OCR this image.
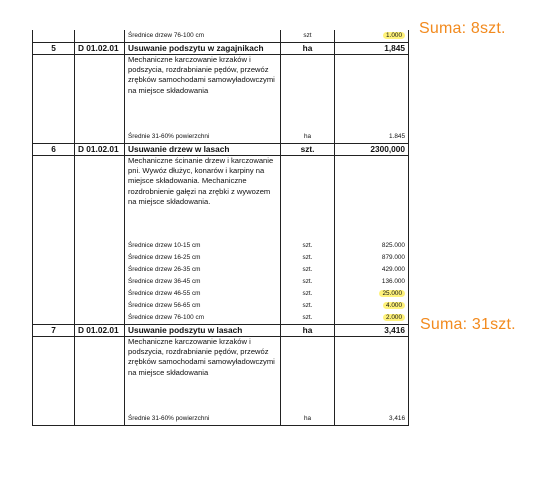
		Średnice drzew 76-100 cm	szt	1.000
5	D 01.02.01	Usuwanie podszytu w zagajnikach	ha	1,845
		Mechaniczne karczowanie krzaków i podszycia, rozdrabnianie pędów, przewóz zrębków samochodami samowyładowczymi na miejsce składowania		
		Średnie 31-60% powierzchni	ha	1.845
6	D 01.02.01	Usuwanie drzew w lasach	szt.	2300,000
		Mechaniczne ścinanie drzew i karczowanie pni. Wywóz dłużyc, konarów i karpiny na miejsce składowania. Mechaniczne rozdrobnienie gałęzi na zrębki z wywozem na miejsce składowania.		
		Średnice drzew 10-15 cm	szt.	825.000
		Średnice drzew 16-25 cm	szt.	879.000
		Średnice drzew 26-35 cm	szt.	429.000
		Średnice drzew 36-45 cm	szt.	136.000
		Średnice drzew 46-55 cm	szt.	25.000
		Średnice drzew 56-65 cm	szt.	4.000
		Średnice drzew 76-100 cm	szt.	2.000
7	D 01.02.01	Usuwanie podszytu w lasach	ha	3,416
		Mechaniczne karczowanie krzaków i podszycia, rozdrabnianie pędów, przewóz zrębków samochodami samowyładowczymi na miejsce składowania		
		Średnie 31-60% powierzchni	ha	3,416
Suma: 8szt.
Suma: 31szt.
